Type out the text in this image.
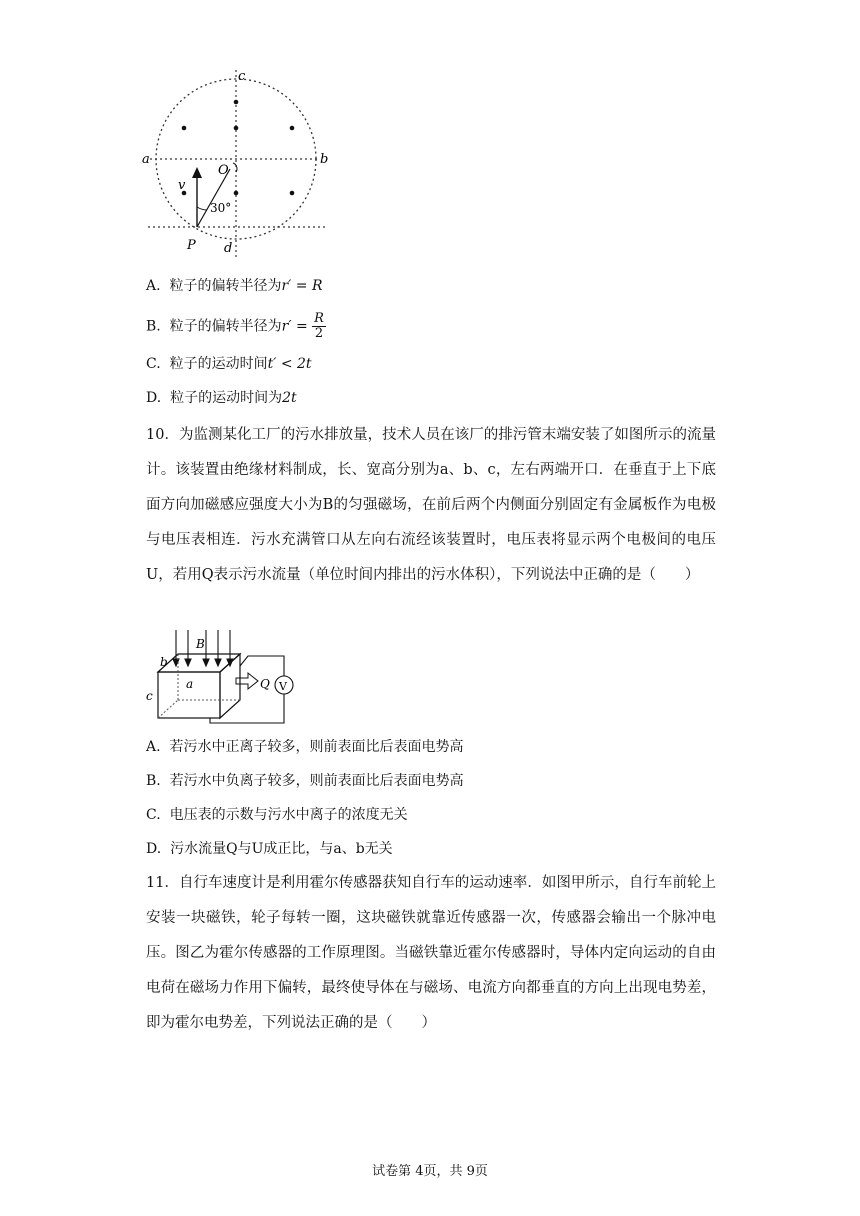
c
a	b
O
v
30°
P d
A. 粒子的偏转半径为r′ = R
B. 粒子的偏转半径为$r' = \frac{R}{2}$
C. 粒子的运动时间t′ < 2t
D. 粒子的运动时间为2t
10．为监测某化工厂的污水排放量，技术人员在该厂的排污管末端安装了如图所示的流量计。该装置由绝缘材料制成，长、宽高分别为a、b、c，左右两端开口．在垂直于上下底面方向加磁感应强度大小为B的匀强磁场，在前后两个内侧面分别固定有金属板作为电极与电压表相连．污水充满管口从左向右流经该装置时，电压表将显示两个电极间的电压U，若用Q表示污水流量（单位时间内排出的污水体积），下列说法中正确的是（　　）
B
b
a
c
Q V
A. 若污水中正离子较多，则前表面比后表面电势高
B. 若污水中负离子较多，则前表面比后表面电势高
C. 电压表的示数与污水中离子的浓度无关
D. 污水流量Q与U成正比，与a、b无关
11．自行车速度计是利用霍尔传感器获知自行车的运动速率．如图甲所示，自行车前轮上安装一块磁铁，轮子每转一圈，这块磁铁就靠近传感器一次，传感器会输出一个脉冲电压。图乙为霍尔传感器的工作原理图。当磁铁靠近霍尔传感器时，导体内定向运动的自由电荷在磁场力作用下偏转，最终使导体在与磁场、电流方向都垂直的方向上出现电势差，即为霍尔电势差，下列说法正确的是（　　）
试卷第 4页，共 9页
